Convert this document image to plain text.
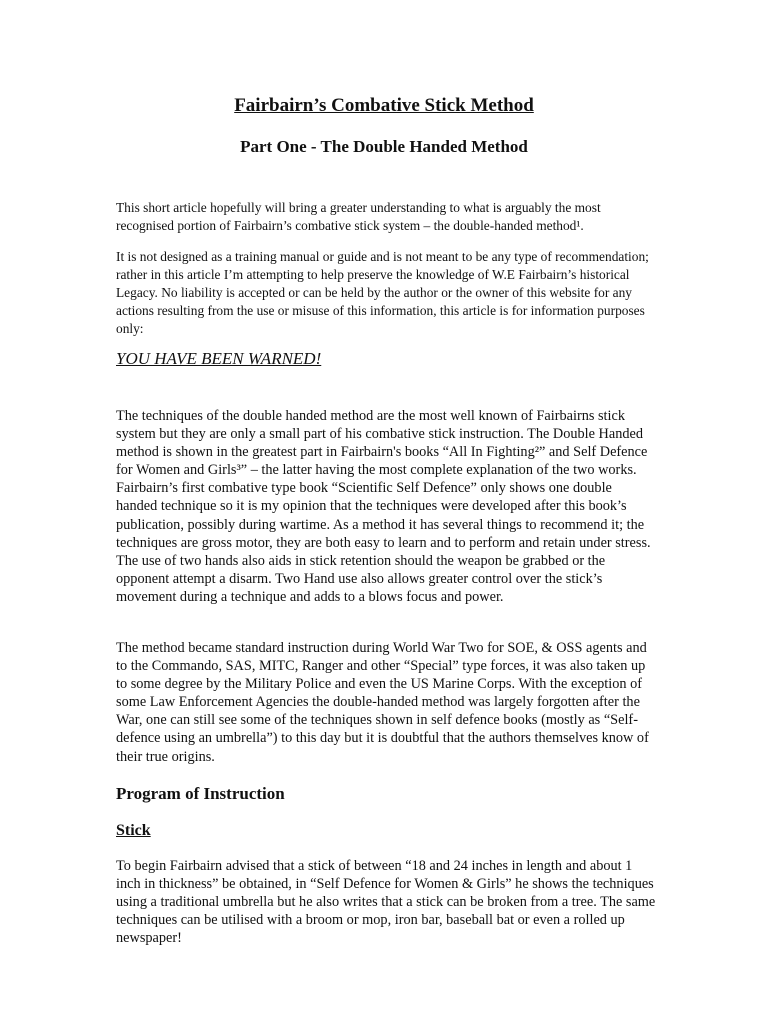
Fairbairn’s Combative Stick Method
Part One - The Double Handed Method

This short article hopefully will bring a greater understanding to what is arguably the most recognised portion of Fairbairn’s combative stick system – the double-handed method¹.

It is not designed as a training manual or guide and is not meant to be any type of recommendation; rather in this article I’m attempting to help preserve the knowledge of W.E Fairbairn’s historical Legacy. No liability is accepted or can be held by the author or the owner of this website for any actions resulting from the use or misuse of this information, this article is for information purposes only:

YOU HAVE BEEN WARNED!

The techniques of the double handed method are the most well known of Fairbairns stick system but they are only a small part of his combative stick instruction. The Double Handed method is shown in the greatest part in Fairbairn's books “All In Fighting²” and Self Defence for Women and Girls³” – the latter having the most complete explanation of the two works. Fairbairn’s first combative type book “Scientific Self Defence” only shows one double handed technique so it is my opinion that the techniques were developed after this book’s publication, possibly during wartime. As a method it has several things to recommend it; the techniques are gross motor, they are both easy to learn and to perform and retain under stress. The use of two hands also aids in stick retention should the weapon be grabbed or the opponent attempt a disarm. Two Hand use also allows greater control over the stick’s movement during a technique and adds to a blows focus and power.

The method became standard instruction during World War Two for SOE, & OSS agents and to the Commando, SAS, MITC, Ranger and other “Special” type forces, it was also taken up to some degree by the Military Police and even the US Marine Corps. With the exception of some Law Enforcement Agencies the double-handed method was largely forgotten after the War, one can still see some of the techniques shown in self defence books (mostly as “Self-defence using an umbrella”) to this day but it is doubtful that the authors themselves know of their true origins.

Program of Instruction
Stick

To begin Fairbairn advised that a stick of between “18 and 24 inches in length and about 1 inch in thickness” be obtained, in “Self Defence for Women & Girls” he shows the techniques using a traditional umbrella but he also writes that a stick can be broken from a tree. The same techniques can be utilised with a broom or mop, iron bar, baseball bat or even a rolled up newspaper!
